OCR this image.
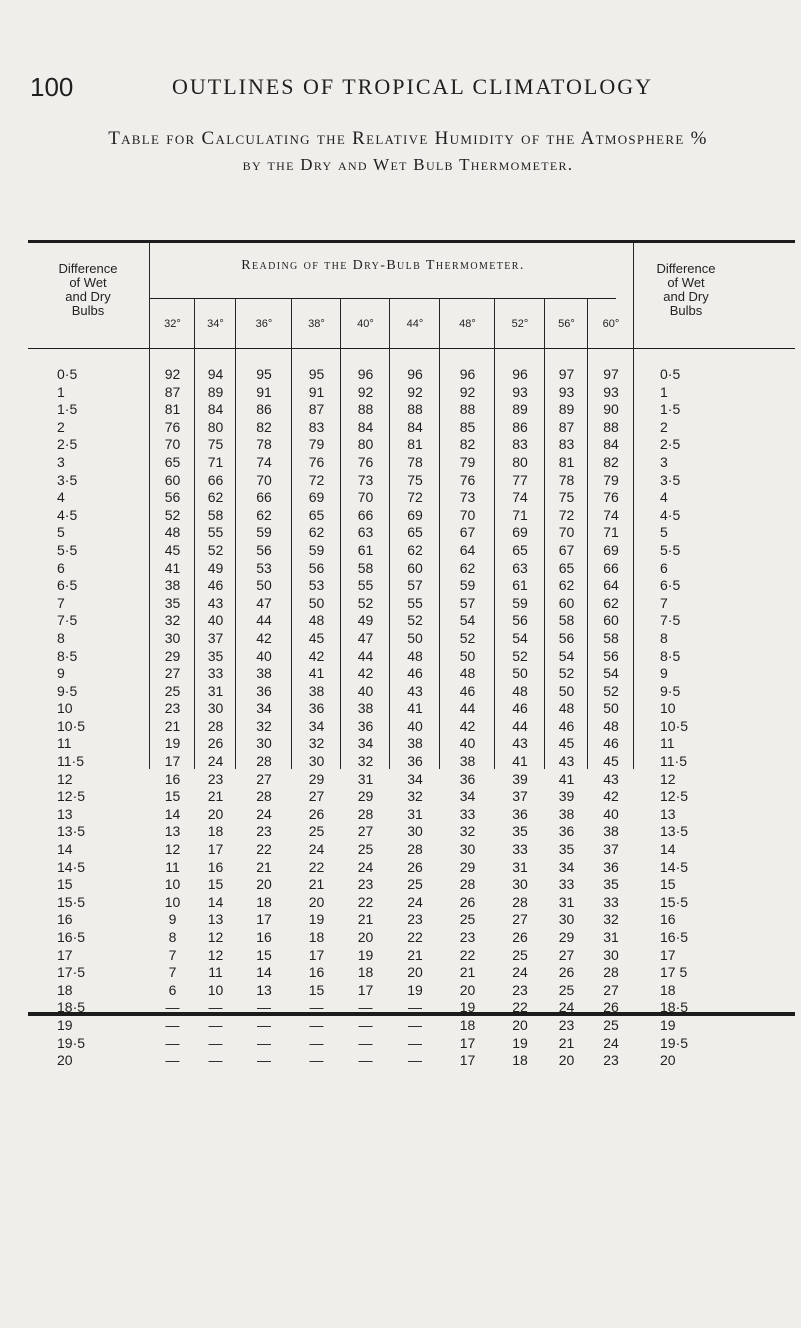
100	OUTLINES OF TROPICAL CLIMATOLOGY
Table for Calculating the Relative Humidity of the Atmosphere %
by the Dry and Wet Bulb Thermometer.
Difference
of Wet
and Dry
Bulbs
Difference
of Wet
and Dry
Bulbs
Reading of the Dry-Bulb Thermometer.
32°	34°	36°	38°	40°	44°	48°	52°	56°	60°
0·5	92	94	95	95	96	96	96	96	97	97	0·5
1	87	89	91	91	92	92	92	93	93	93	1
1·5	81	84	86	87	88	88	88	89	89	90	1·5
2	76	80	82	83	84	84	85	86	87	88	2
2·5	70	75	78	79	80	81	82	83	83	84	2·5
3	65	71	74	76	76	78	79	80	81	82	3
3·5	60	66	70	72	73	75	76	77	78	79	3·5
4	56	62	66	69	70	72	73	74	75	76	4
4·5	52	58	62	65	66	69	70	71	72	74	4·5
5	48	55	59	62	63	65	67	69	70	71	5
5·5	45	52	56	59	61	62	64	65	67	69	5·5
6	41	49	53	56	58	60	62	63	65	66	6
6·5	38	46	50	53	55	57	59	61	62	64	6·5
7	35	43	47	50	52	55	57	59	60	62	7
7·5	32	40	44	48	49	52	54	56	58	60	7·5
8	30	37	42	45	47	50	52	54	56	58	8
8·5	29	35	40	42	44	48	50	52	54	56	8·5
9	27	33	38	41	42	46	48	50	52	54	9
9·5	25	31	36	38	40	43	46	48	50	52	9·5
10	23	30	34	36	38	41	44	46	48	50	10
10·5	21	28	32	34	36	40	42	44	46	48	10·5
11	19	26	30	32	34	38	40	43	45	46	11
11·5	17	24	28	30	32	36	38	41	43	45	11·5
12	16	23	27	29	31	34	36	39	41	43	12
12·5	15	21	28	27	29	32	34	37	39	42	12·5
13	14	20	24	26	28	31	33	36	38	40	13
13·5	13	18	23	25	27	30	32	35	36	38	13·5
14	12	17	22	24	25	28	30	33	35	37	14
14·5	11	16	21	22	24	26	29	31	34	36	14·5
15	10	15	20	21	23	25	28	30	33	35	15
15·5	10	14	18	20	22	24	26	28	31	33	15·5
16	9	13	17	19	21	23	25	27	30	32	16
16·5	8	12	16	18	20	22	23	26	29	31	16·5
17	7	12	15	17	19	21	22	25	27	30	17
17·5	7	11	14	16	18	20	21	24	26	28	17 5
18	6	10	13	15	17	19	20	23	25	27	18
18·5	—	—	—	—	—	—	19	22	24	26	18·5
19	—	—	—	—	—	—	18	20	23	25	19
19·5	—	—	—	—	—	—	17	19	21	24	19·5
20	—	—	—	—	—	—	17	18	20	23	20
